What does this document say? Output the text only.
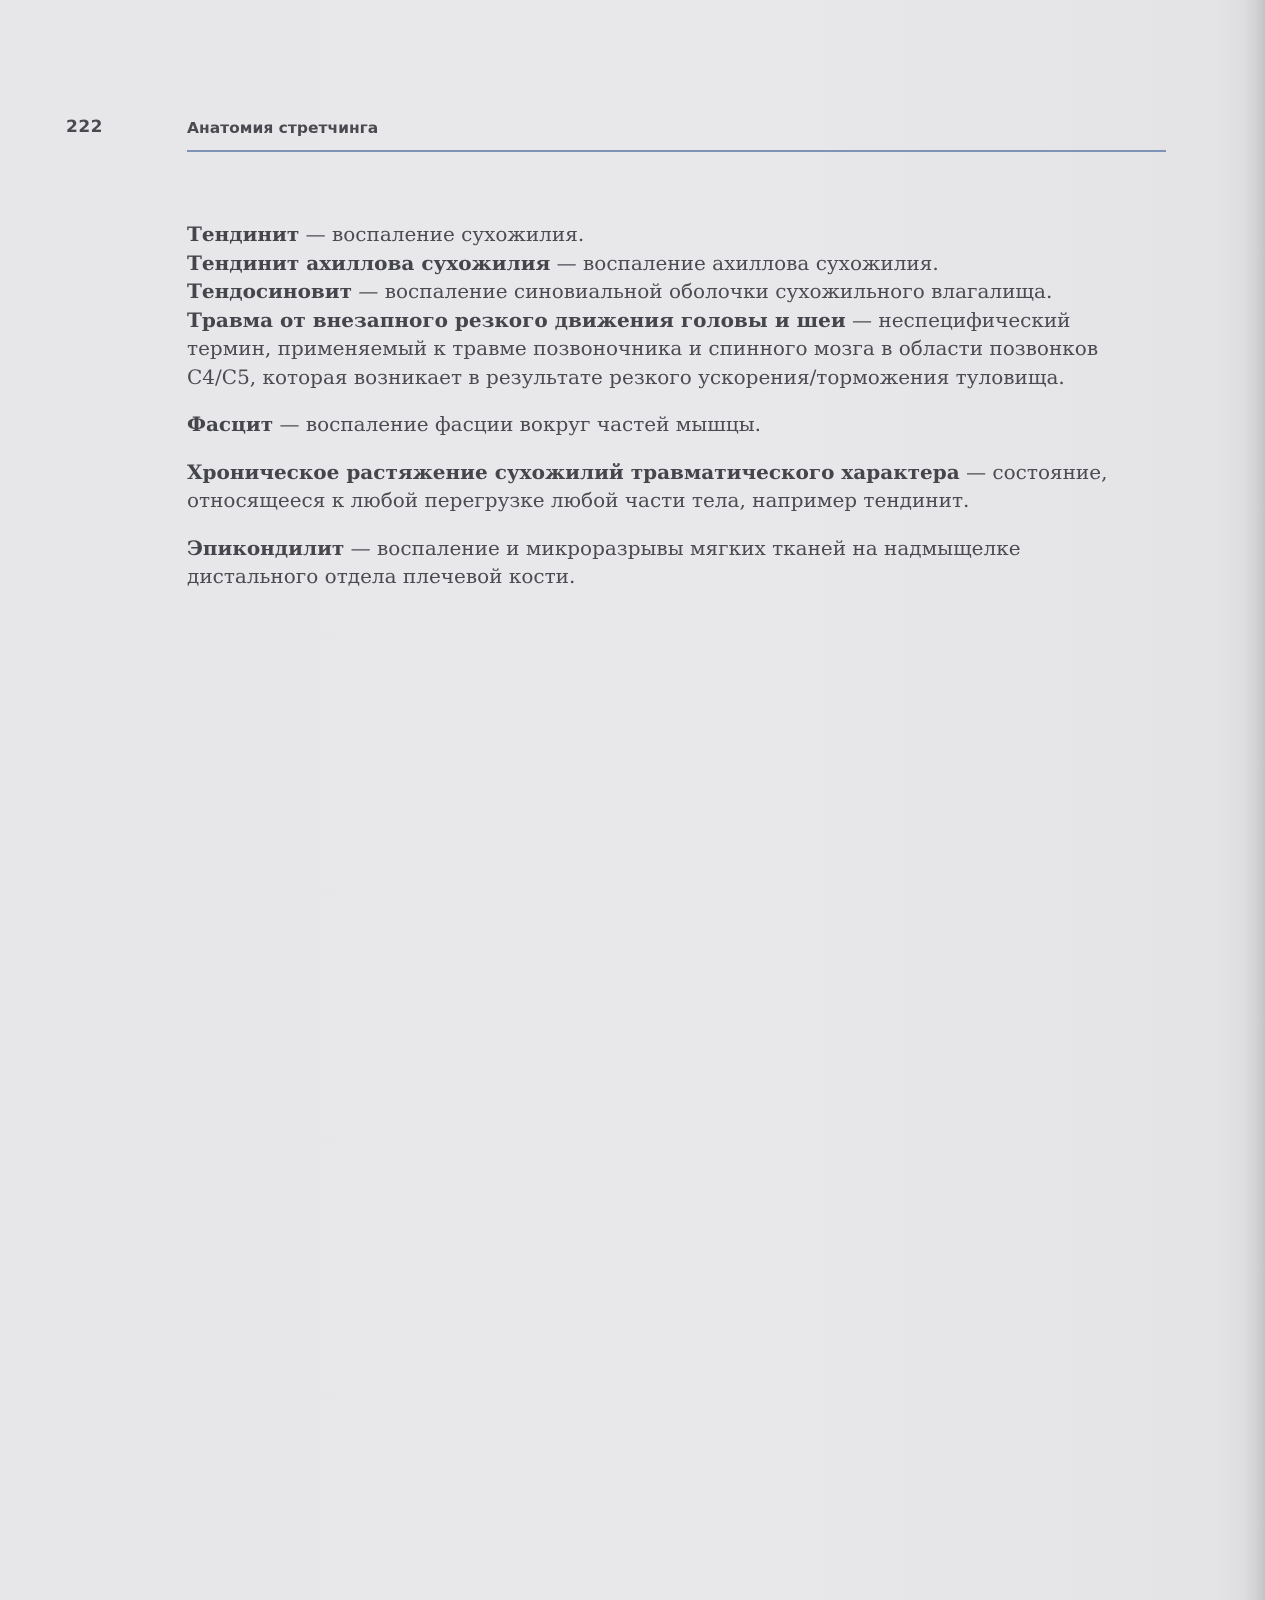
222	Анатомия стретчинга

Тендинит — воспаление сухожилия.

Тендинит ахиллова сухожилия — воспаление ахиллова сухожилия.

Тендосиновит — воспаление синовиальной оболочки сухожильного влагалища.

Травма от внезапного резкого движения головы и шеи — неспецифический термин, применяемый к травме позвоночника и спинного мозга в области позвонков C4/C5, которая возникает в результате резкого ускорения/торможения туловища.

Фасцит — воспаление фасции вокруг частей мышцы.

Хроническое растяжение сухожилий травматического характера — состояние, относящееся к любой перегрузке любой части тела, например тендинит.

Эпикондилит — воспаление и микроразрывы мягких тканей на надмыщелке дистального отдела плечевой кости.
